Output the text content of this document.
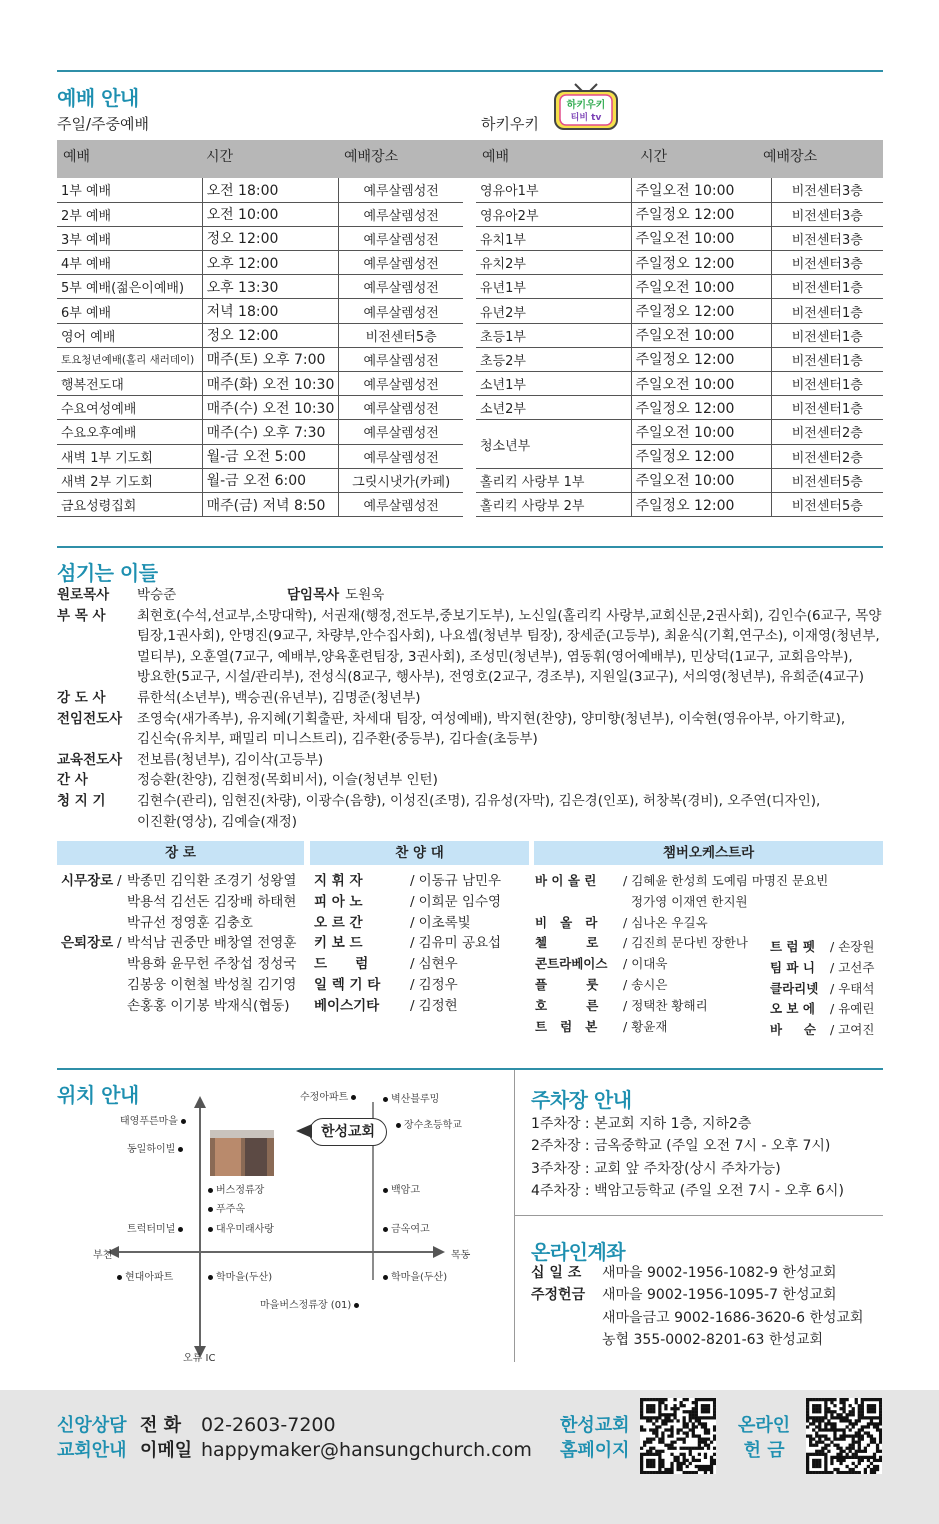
예배 안내
주일/주중예배	하키우키
하키우키
티비 tv
예배	시간	예배장소	예배	시간	예배장소
1부 예배	오전 18:00	예루살렘성전
2부 예배	오전 10:00	예루살렘성전
3부 예배	정오 12:00	예루살렘성전
4부 예배	오후 12:00	예루살렘성전
5부 예배(젊은이예배)	오후 13:30	예루살렘성전
6부 예배	저녁 18:00	예루살렘성전
영어 예배	정오 12:00	비전센터5층
토요청년예배(홀리 새러데이)	매주(토) 오후 7:00	예루살렘성전
행복전도대	매주(화) 오전 10:30	예루살렘성전
수요여성예배	매주(수) 오전 10:30	예루살렘성전
수요오후예배	매주(수) 오후 7:30	예루살렘성전
새벽 1부 기도회	월-금 오전 5:00	예루살렘성전
새벽 2부 기도회	월-금 오전 6:00	그릿시냇가(카페)
금요성령집회	매주(금) 저녁 8:50	예루살렘성전
영유아1부	주일오전 10:00	비전센터3층
영유아2부	주일정오 12:00	비전센터3층
유치1부	주일오전 10:00	비전센터3층
유치2부	주일정오 12:00	비전센터3층
유년1부	주일오전 10:00	비전센터1층
유년2부	주일정오 12:00	비전센터1층
초등1부	주일오전 10:00	비전센터1층
초등2부	주일정오 12:00	비전센터1층
소년1부	주일오전 10:00	비전센터1층
소년2부	주일정오 12:00	비전센터1층
청소년부	주일오전 10:00	비전센터2층
	주일정오 12:00	비전센터2층
홀리킥 사랑부 1부	주일오전 10:00	비전센터5층
홀리킥 사랑부 2부	주일정오 12:00	비전센터5층
섬기는 이들
원로목사	박승준	담임목사 도원욱
부 목 사	최현호(수석,선교부,소망대학), 서권재(행정,전도부,중보기도부), 노신일(홀리킥 사랑부,교회신문,2권사회), 김인수(6교구, 목양
팀장,1권사회), 안명진(9교구, 차량부,안수집사회), 나요셉(청년부 팀장), 장세준(고등부), 최윤식(기획,연구소), 이재영(청년부,
멀티부), 오훈열(7교구, 예배부,양육훈련팀장, 3권사회), 조성민(청년부), 염동휘(영어예배부), 민상덕(1교구, 교회음악부),
방요한(5교구, 시설/관리부), 전성식(8교구, 행사부), 전영호(2교구, 경조부), 지원일(3교구), 서의영(청년부), 유희준(4교구)
강 도 사	류한석(소년부), 백승권(유년부), 김명준(청년부)
전임전도사	조영숙(새가족부), 유지혜(기획출판, 차세대 팀장, 여성예배), 박지현(찬양), 양미향(청년부), 이숙현(영유아부, 아기학교),
김신숙(유치부, 패밀리 미니스트리), 김주환(중등부), 김다솔(초등부)
교육전도사	전보름(청년부), 김이삭(고등부)
간 사	정승환(찬양), 김현정(목회비서), 이슬(청년부 인턴)
청 지 기	김현수(관리), 임현진(차량), 이광수(음향), 이성진(조명), 김유성(자막), 김은경(인포), 허창복(경비), 오주연(디자인),
이진환(영상), 김예슬(재정)
장 로	찬 양 대	챔버오케스트라
시무장로 / 박종민 김익환 조경기 성왕열
박용석 김선돈 김장배 하태현
박규선 정영훈 김충호
은퇴장로 / 박석남 권중만 배창열 전영훈
박용화 윤무헌 주창섭 정성국
김봉웅 이현철 박성칠 김기영
손홍홍 이기봉 박재식(협동)
지 휘 자	/ 이동규 남민우
피 아 노	/ 이희문 임수영
오 르 간	/ 이초록빛
키 보 드	/ 김유미 공요섭
드      럼	/ 심현우
일 렉 기 타	/ 김정우
베이스기타	/ 김정현
바 이 올 린	/ 김혜윤 한성희 도예림 마명진 문요빈
정가영 이재연 한지원
비   올   라	/ 심나온 우길옥
첼         로	/ 김진희 문다빈 장한나
콘트라베이스	/ 이대욱
플         룻	/ 송시은
호         른	/ 정택찬 황해리
트   럼   본	/ 황윤재
트 럼 펫	/ 손장원
팀 파 니	/ 고선주
클라리넷 / 우태석
오 보 에	/ 유예린
바     순	/ 고여진
위치 안내
한성교회
수정아파트	벽산블루밍
태영푸른마을	장수초등학교
동일하이빌
버스정류장	백암고
푸주옥
트럭터미널	대우미래사랑	금옥여고
부천	목동
현대아파트	학마을(두산)	학마을(두산)
마을버스정류장 (01)
오류 IC
주차장 안내
1주차장 : 본교회 지하 1층, 지하2층
2주차장 : 금옥중학교 (주일 오전 7시 - 오후 7시)
3주차장 : 교회 앞 주차장(상시 주차가능)
4주차장 : 백암고등학교 (주일 오전 7시 - 오후 6시)
온라인계좌
십 일 조	새마을 9002-1956-1082-9 한성교회
주정헌금	새마을 9002-1956-1095-7 한성교회
새마을금고 9002-1686-3620-6 한성교회
농협 355-0002-8201-63 한성교회
신앙상담
교회안내
전 화
이메일
02-2603-7200
happymaker@hansungchurch.com
한성교회
홈페이지
온라인
헌 금
